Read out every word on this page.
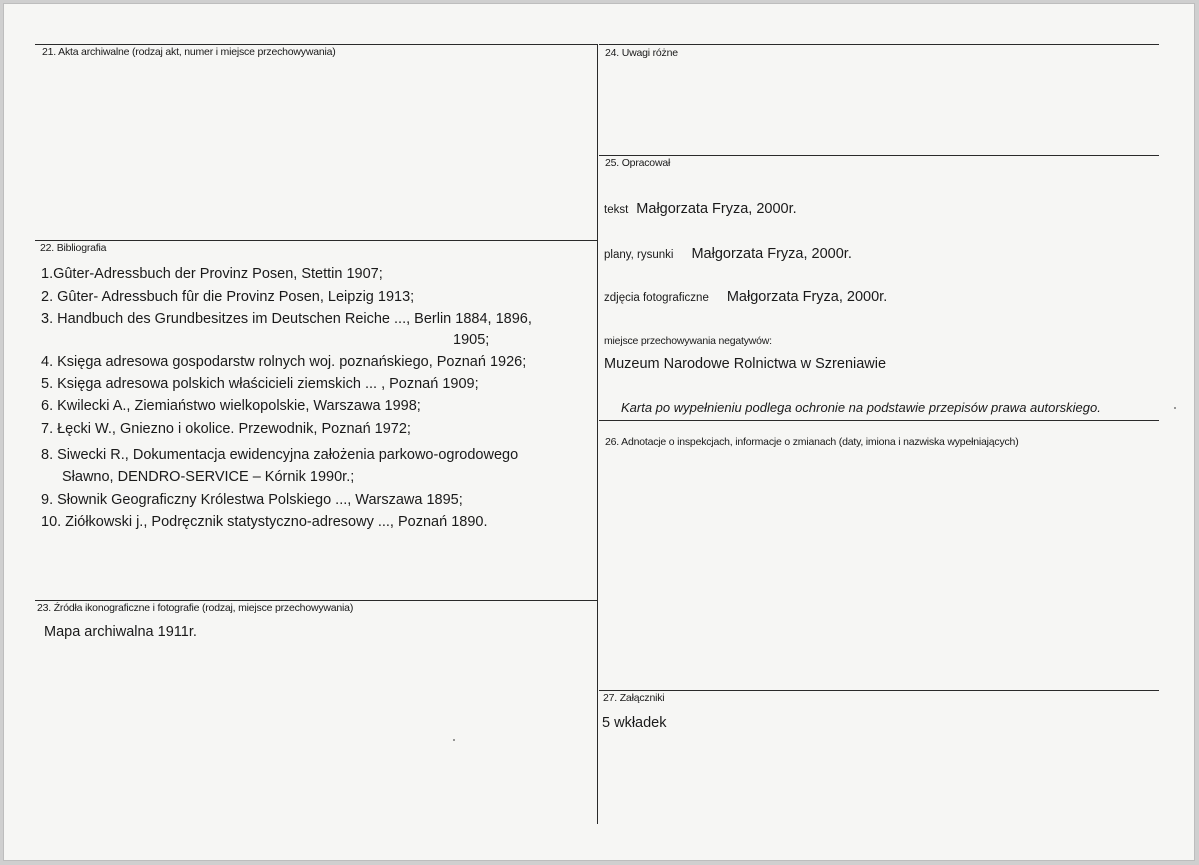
21. Akta archiwalne (rodzaj akt, numer i miejsce przechowywania)
22. Bibliografia
1.Gûter-Adressbuch der Provinz Posen, Stettin 1907;
2. Gûter- Adressbuch fûr die Provinz Posen, Leipzig 1913;
3. Handbuch des Grundbesitzes im Deutschen Reiche ..., Berlin 1884, 1896,
1905;
4. Księga adresowa gospodarstw rolnych woj. poznańskiego, Poznań 1926;
5. Księga adresowa polskich właścicieli ziemskich ... , Poznań 1909;
6. Kwilecki A., Ziemiaństwo wielkopolskie, Warszawa 1998;
7. Łęcki W., Gniezno i okolice. Przewodnik, Poznań 1972;
8. Siwecki R., Dokumentacja ewidencyjna założenia parkowo-ogrodowego
Sławno, DENDRO-SERVICE – Kórnik 1990r.;
9. Słownik Geograficzny Królestwa Polskiego ..., Warszawa 1895;
10. Ziółkowski j., Podręcznik statystyczno-adresowy ..., Poznań 1890.
23. Źródła ikonograficzne i fotografie (rodzaj, miejsce przechowywania)
Mapa archiwalna 1911r.
24. Uwagi różne
25. Opracował
tekst Małgorzata Fryza, 2000r.
plany, rysunki Małgorzata Fryza, 2000r.
zdjęcia fotograficzne Małgorzata Fryza, 2000r.
miejsce przechowywania negatywów:
Muzeum Narodowe Rolnictwa w Szreniawie
Karta po wypełnieniu podlega ochronie na podstawie przepisów prawa autorskiego.
26. Adnotacje o inspekcjach, informacje o zmianach (daty, imiona i nazwiska wypełniających)
27. Załączniki
5 wkładek
